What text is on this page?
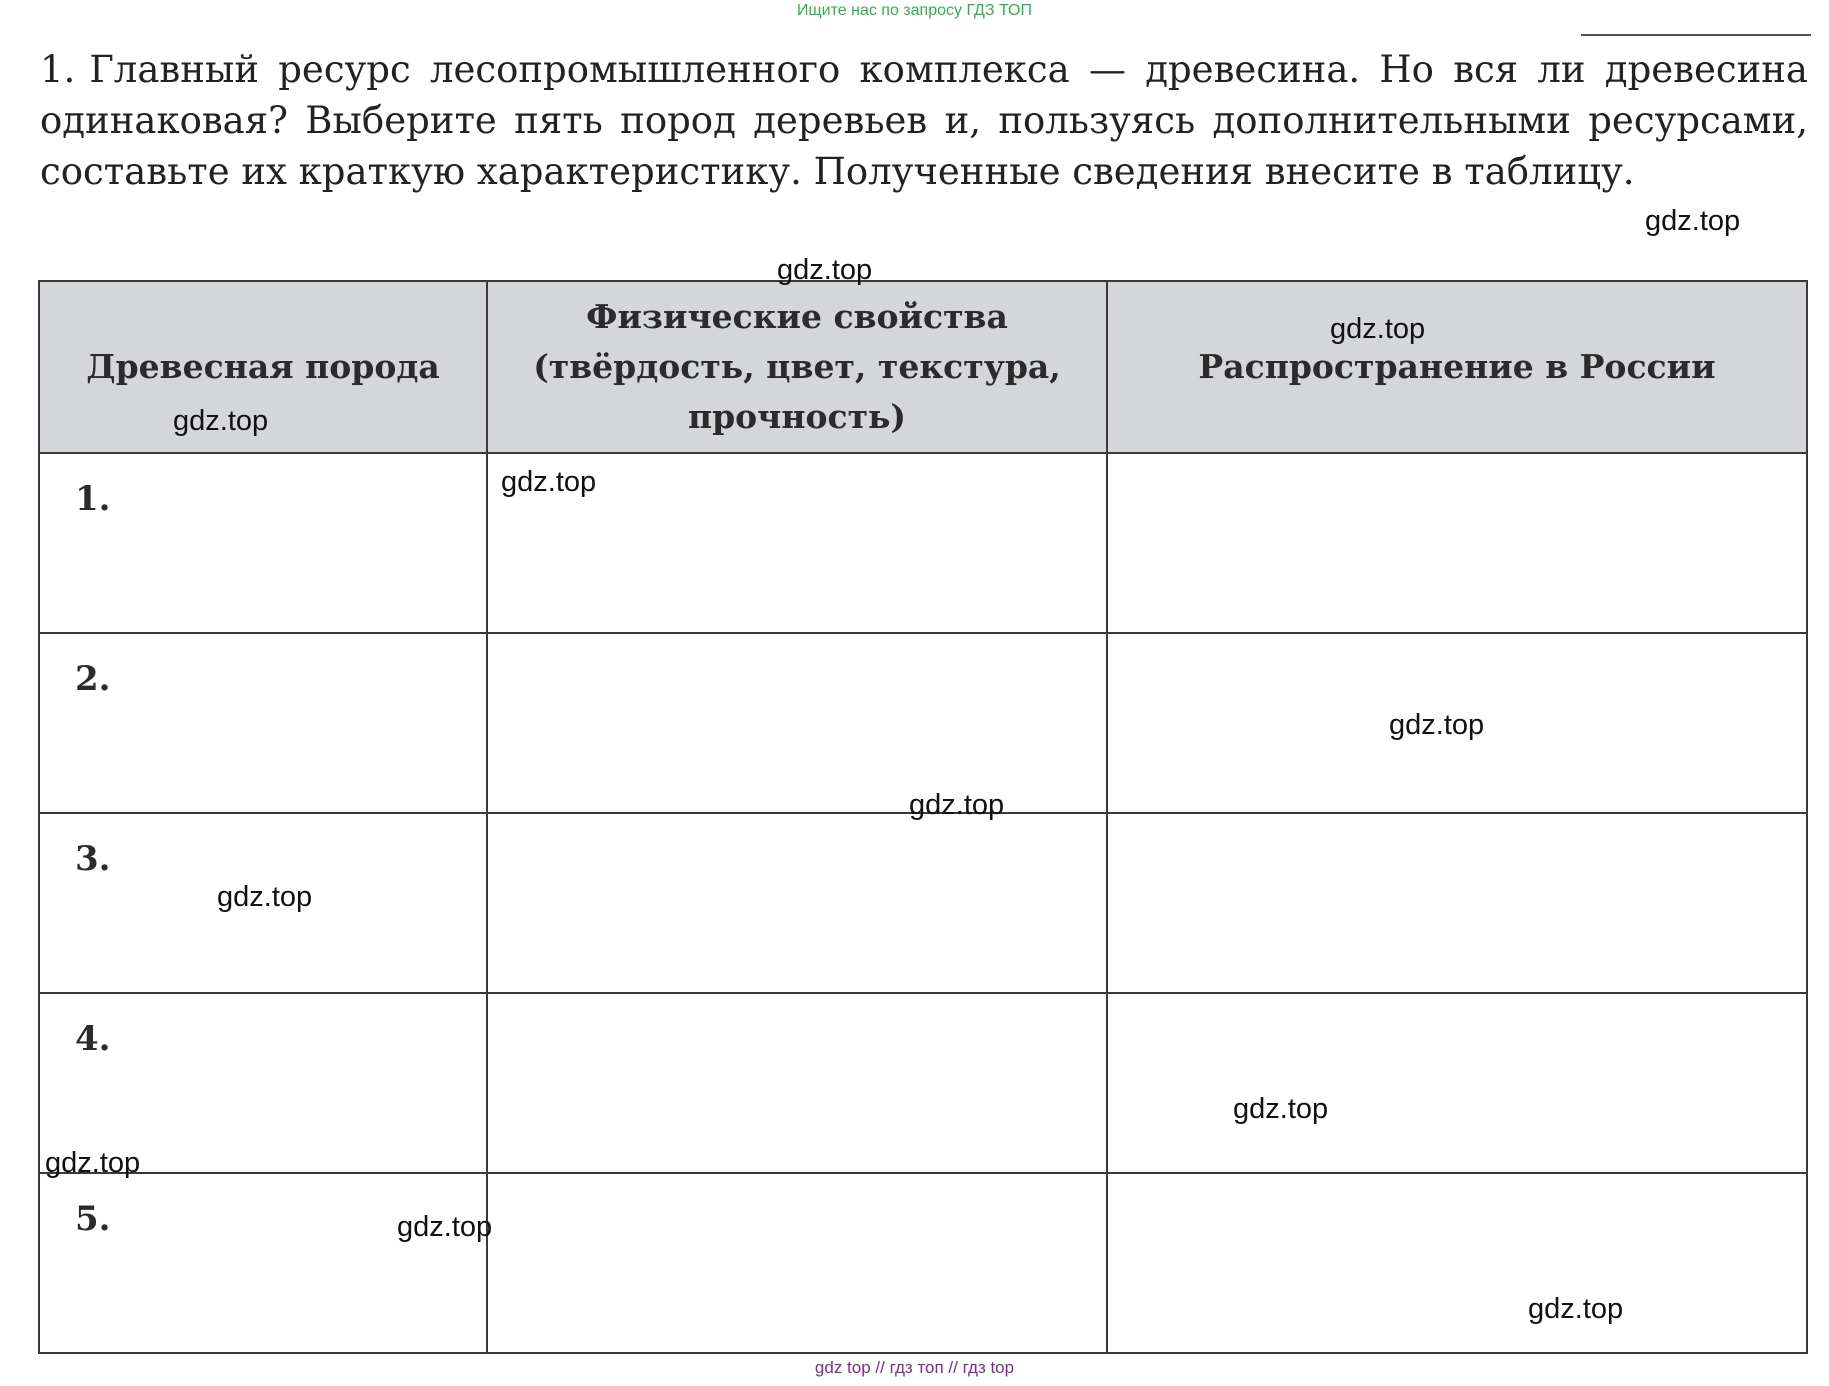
Ищите нас по запросу ГДЗ ТОП
1. Главный ресурс лесопромышленного комплекса — древесина. Но вся ли древесина одинаковая? Выберите пять пород деревьев и, пользуясь дополнительными ресурсами, составьте их краткую характеристику. Полученные сведения внесите в таблицу.
Древесная порода	Физические свойства (твёрдость, цвет, текстура, прочность)	Распространение в России

1.		

2.		

3.		

4.		

5.		

gdz.top
gdz.top
gdz.top
gdz.top
gdz.top
gdz.top
gdz.top
gdz.top
gdz.top
gdz.top
gdz.top
gdz.top
gdz top // гдз топ // гдз top
